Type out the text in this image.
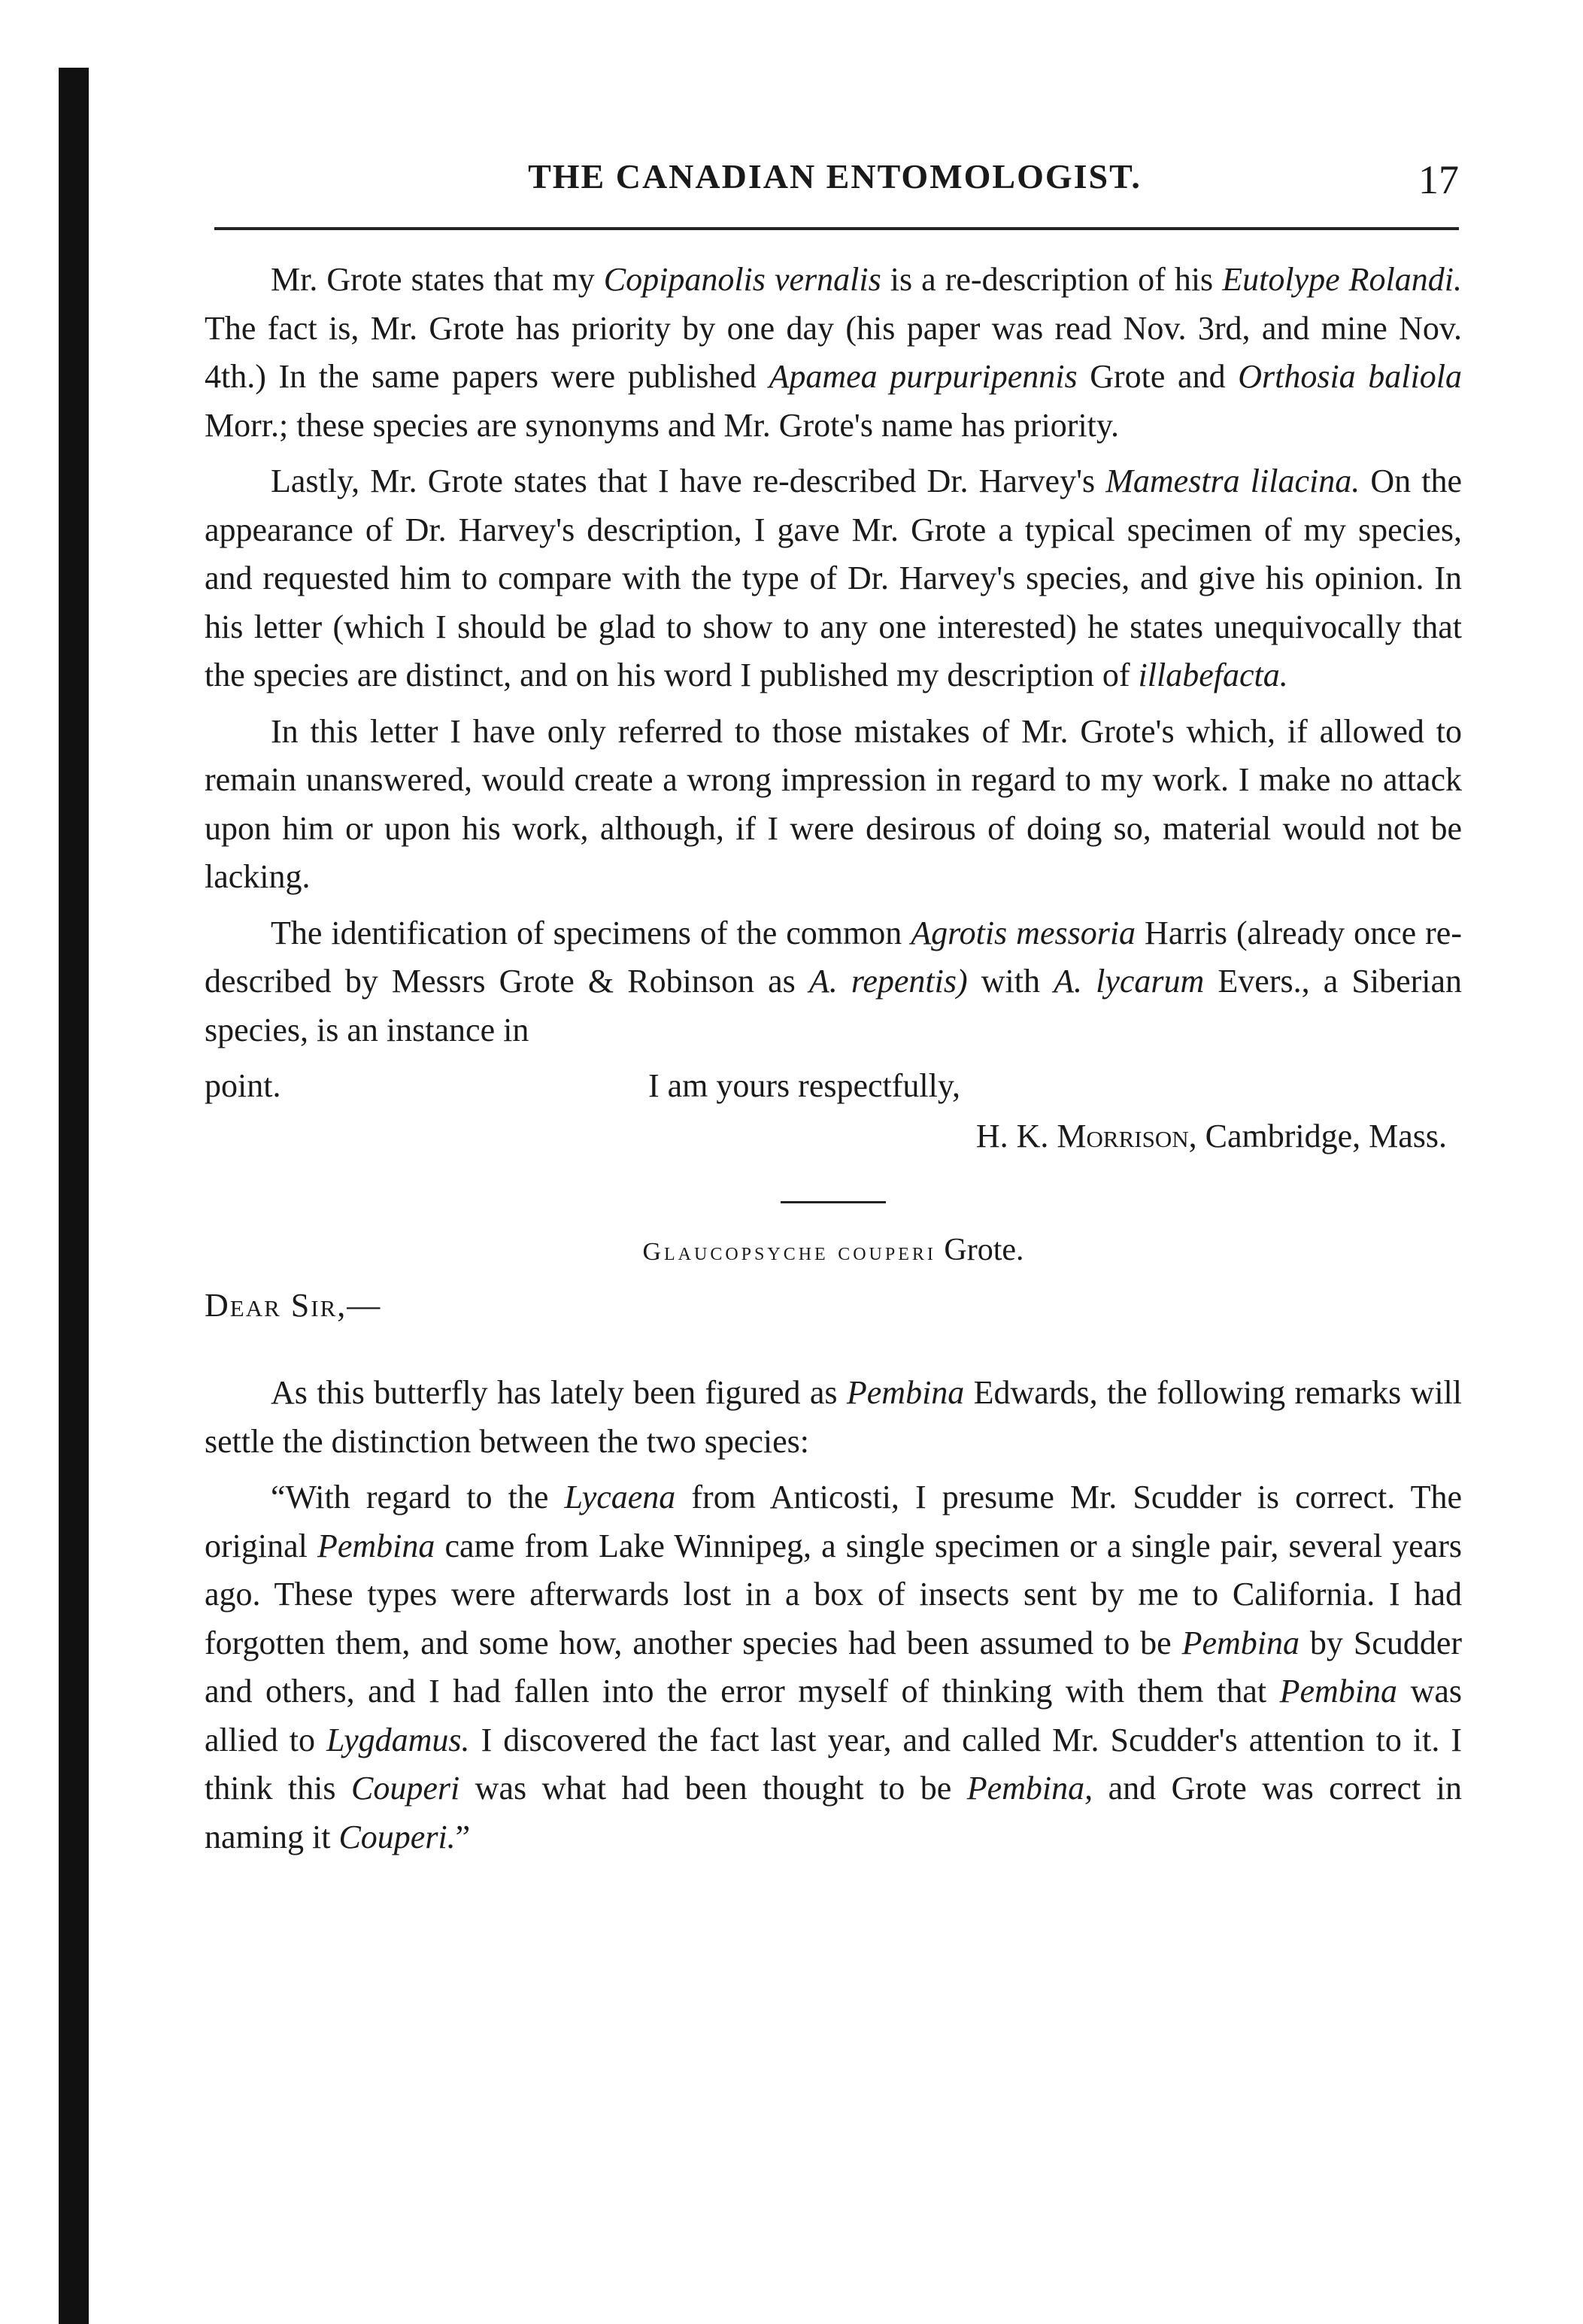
THE CANADIAN ENTOMOLOGIST.	17

Mr. Grote states that my Copipanolis vernalis is a re-description of his Eutolype Rolandi. The fact is, Mr. Grote has priority by one day (his paper was read Nov. 3rd, and mine Nov. 4th.) In the same papers were published Apamea purpuripennis Grote and Orthosia baliola Morr.; these species are synonyms and Mr. Grote's name has priority.

Lastly, Mr. Grote states that I have re-described Dr. Harvey's Mamestra lilacina. On the appearance of Dr. Harvey's description, I gave Mr. Grote a typical specimen of my species, and requested him to compare with the type of Dr. Harvey's species, and give his opinion. In his letter (which I should be glad to show to any one interested) he states unequivocally that the species are distinct, and on his word I published my description of illabefacta.

In this letter I have only referred to those mistakes of Mr. Grote's which, if allowed to remain unanswered, would create a wrong impression in regard to my work. I make no attack upon him or upon his work, although, if I were desirous of doing so, material would not be lacking.

The identification of specimens of the common Agrotis messoria Harris (already once re-described by Messrs Grote & Robinson as A. repentis) with A. lycarum Evers., a Siberian species, is an instance in

point.	I am yours respectfully,
H. K. Morrison, Cambridge, Mass.
Glaucopsyche couperi Grote.
Dear Sir,—

As this butterfly has lately been figured as Pembina Edwards, the following remarks will settle the distinction between the two species:

“With regard to the Lycaena from Anticosti, I presume Mr. Scudder is correct. The original Pembina came from Lake Winnipeg, a single specimen or a single pair, several years ago. These types were afterwards lost in a box of insects sent by me to California. I had forgotten them, and some how, another species had been assumed to be Pembina by Scudder and others, and I had fallen into the error myself of thinking with them that Pembina was allied to Lygdamus. I discovered the fact last year, and called Mr. Scudder's attention to it. I think this Couperi was what had been thought to be Pembina, and Grote was correct in naming it Couperi.”
